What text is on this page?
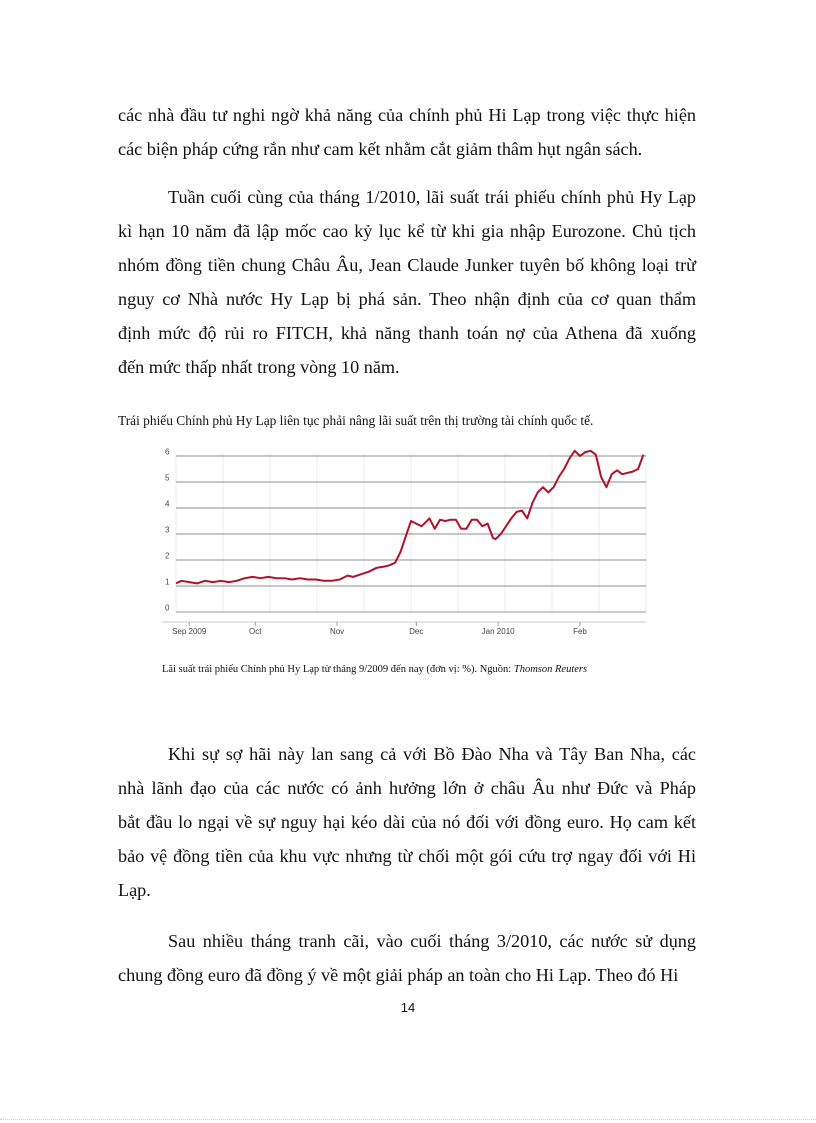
các nhà đầu tư nghi ngờ khả năng của chính phủ Hi Lạp trong việc thực hiện
các biện pháp cứng rắn như cam kết nhằm cắt giảm thâm hụt ngân sách.
Tuần cuối cùng của tháng 1/2010, lãi suất trái phiếu chính phủ Hy Lạp
kì hạn 10 năm đã lập mốc cao kỷ lục kể từ khi gia nhập Eurozone. Chủ tịch
nhóm đồng tiền chung Châu Âu, Jean Claude Junker tuyên bố không loại trừ
nguy cơ Nhà nước Hy Lạp bị phá sản. Theo nhận định của cơ quan thẩm
định mức độ rủi ro FITCH, khả năng thanh toán nợ của Athena đã xuống
đến mức thấp nhất trong vòng 10 năm.
Trái phiếu Chính phủ Hy Lạp liên tục phải nâng lãi suất trên thị trường tài chính quốc tế.
0
1
2
3
4
5
6
Sep 2009	Oct	Nov	Dec	Jan 2010	Feb
Lãi suất trái phiếu Chính phủ Hy Lạp từ tháng 9/2009 đến nay (đơn vị: %). Nguồn: Thomson Reuters
Khi sự sợ hãi này lan sang cả với Bồ Đào Nha và Tây Ban Nha, các
nhà lãnh đạo của các nước có ảnh hưởng lớn ở châu Âu như Đức và Pháp
bắt đầu lo ngại về sự nguy hại kéo dài của nó đối với đồng euro. Họ cam kết
bảo vệ đồng tiền của khu vực nhưng từ chối một gói cứu trợ ngay đối với Hi
Lạp.
Sau nhiều tháng tranh cãi, vào cuối tháng 3/2010, các nước sử dụng
chung đồng euro đã đồng ý về một giải pháp an toàn cho Hi Lạp. Theo đó Hi
14
